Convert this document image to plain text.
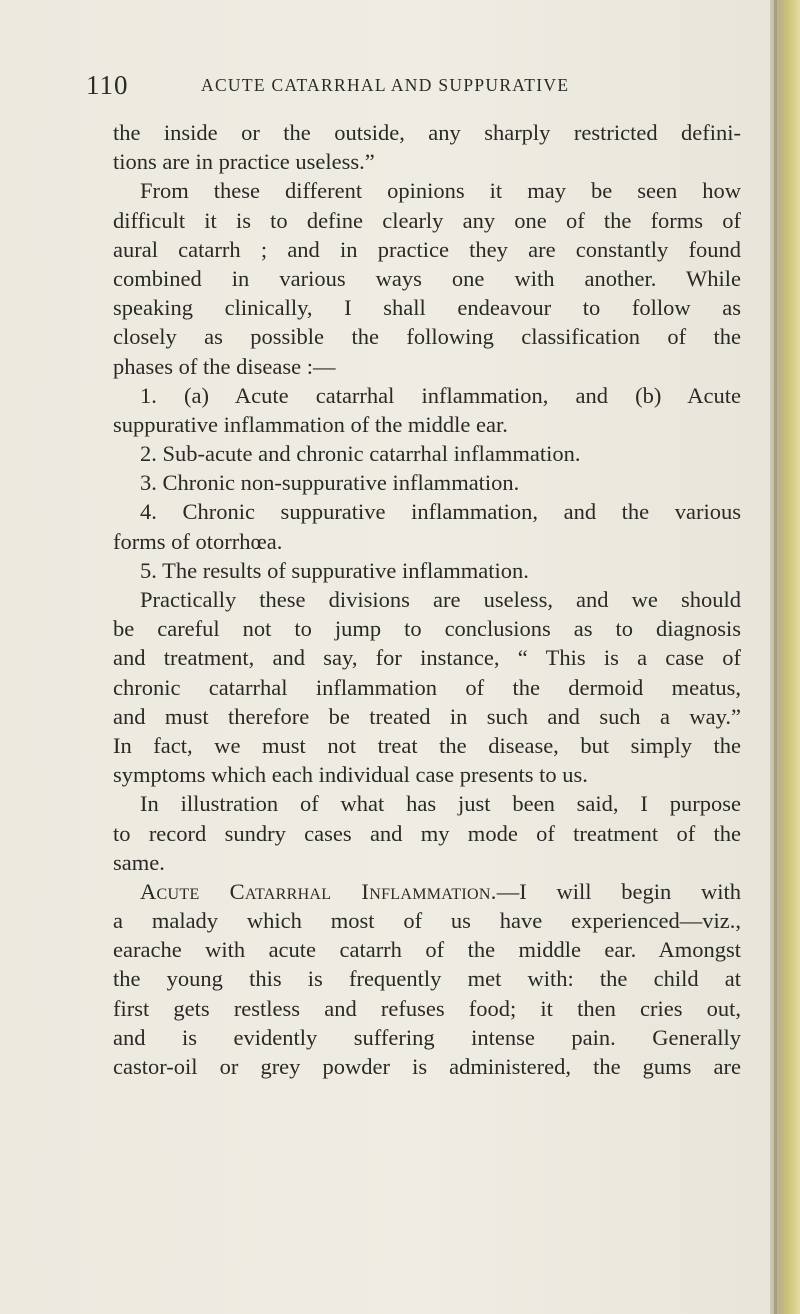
110	ACUTE CATARRHAL AND SUPPURATIVE
the inside or the outside, any sharply restricted defini-
tions are in practice useless.”
From these different opinions it may be seen how
difficult it is to define clearly any one of the forms of
aural catarrh ; and in practice they are constantly found
combined in various ways one with another. While
speaking clinically, I shall endeavour to follow as
closely as possible the following classification of the
phases of the disease :—
1. (a) Acute catarrhal inflammation, and (b) Acute
suppurative inflammation of the middle ear.
2. Sub-acute and chronic catarrhal inflammation.
3. Chronic non-suppurative inflammation.
4. Chronic suppurative inflammation, and the various
forms of otorrhœa.
5. The results of suppurative inflammation.
Practically these divisions are useless, and we should
be careful not to jump to conclusions as to diagnosis
and treatment, and say, for instance, “ This is a case of
chronic catarrhal inflammation of the dermoid meatus,
and must therefore be treated in such and such a way.”
In fact, we must not treat the disease, but simply the
symptoms which each individual case presents to us.
In illustration of what has just been said, I purpose
to record sundry cases and my mode of treatment of the
same.
Acute Catarrhal Inflammation.—I will begin with
a malady which most of us have experienced—viz.,
earache with acute catarrh of the middle ear. Amongst
the young this is frequently met with: the child at
first gets restless and refuses food; it then cries out,
and is evidently suffering intense pain. Generally
castor-oil or grey powder is administered, the gums are
